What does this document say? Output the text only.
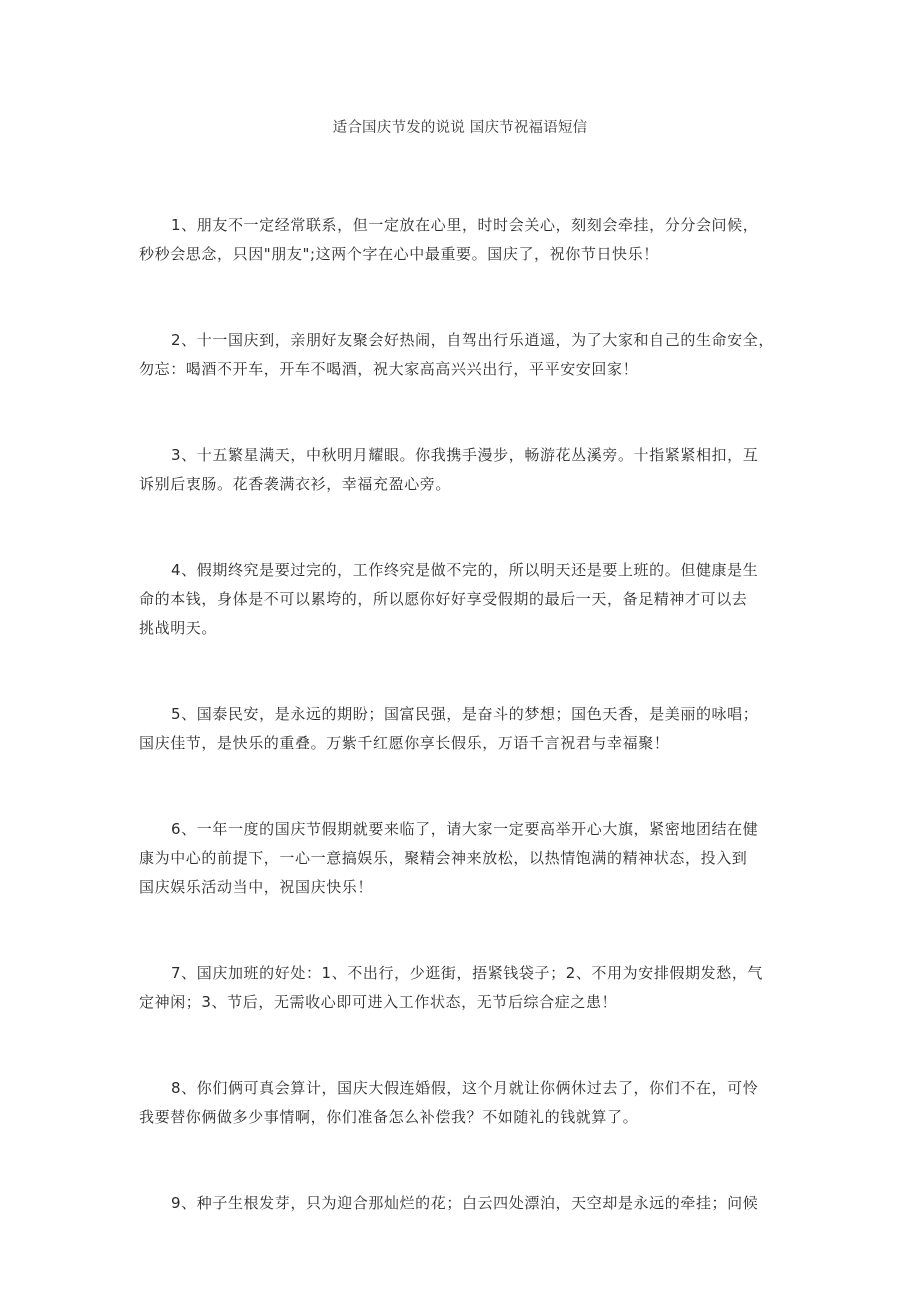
适合国庆节发的说说 国庆节祝福语短信

1、朋友不一定经常联系，但一定放在心里，时时会关心，刻刻会牵挂，分分会问候，
秒秒会思念，只因"朋友";这两个字在心中最重要。国庆了，祝你节日快乐！

2、十一国庆到，亲朋好友聚会好热闹，自驾出行乐逍遥，为了大家和自己的生命安全，
勿忘：喝酒不开车，开车不喝酒，祝大家高高兴兴出行，平平安安回家！

3、十五繁星满天，中秋明月耀眼。你我携手漫步，畅游花丛溪旁。十指紧紧相扣，互
诉别后衷肠。花香袭满衣衫，幸福充盈心旁。

4、假期终究是要过完的，工作终究是做不完的，所以明天还是要上班的。但健康是生
命的本钱，身体是不可以累垮的，所以愿你好好享受假期的最后一天，备足精神才可以去
挑战明天。

5、国泰民安，是永远的期盼；国富民强，是奋斗的梦想；国色天香，是美丽的咏唱；
国庆佳节，是快乐的重叠。万紫千红愿你享长假乐，万语千言祝君与幸福聚！

6、一年一度的国庆节假期就要来临了，请大家一定要高举开心大旗，紧密地团结在健
康为中心的前提下，一心一意搞娱乐，聚精会神来放松，以热情饱满的精神状态，投入到
国庆娱乐活动当中，祝国庆快乐！

7、国庆加班的好处：1、不出行，少逛街，捂紧钱袋子；2、不用为安排假期发愁，气
定神闲；3、节后，无需收心即可进入工作状态，无节后综合症之患！

8、你们俩可真会算计，国庆大假连婚假，这个月就让你俩休过去了，你们不在，可怜
我要替你俩做多少事情啊，你们准备怎么补偿我？不如随礼的钱就算了。

9、种子生根发芽，只为迎合那灿烂的花；白云四处漂泊，天空却是永远的牵挂；问候
